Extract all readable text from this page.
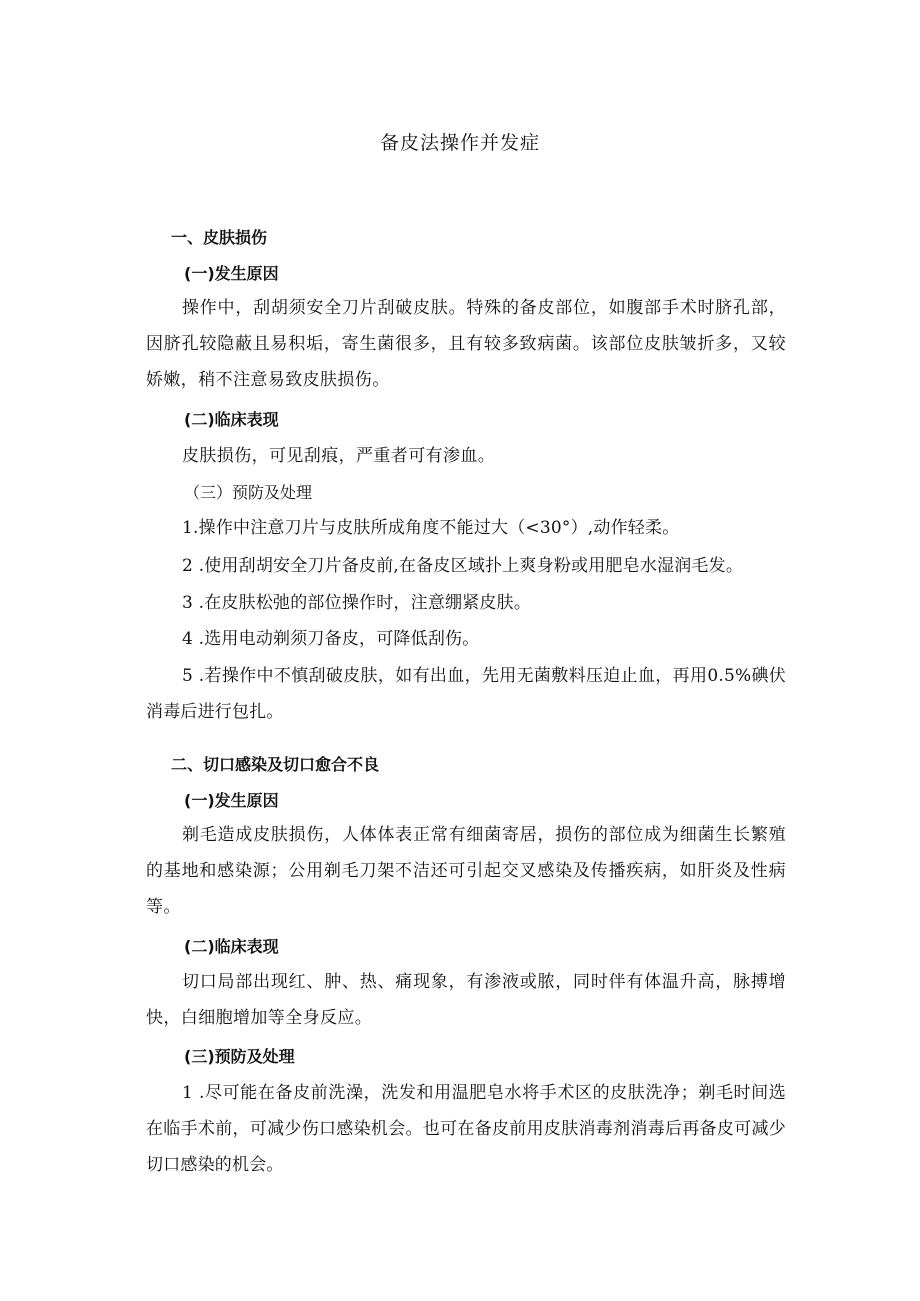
备皮法操作并发症
一、皮肤损伤
(一)发生原因
操作中，刮胡须安全刀片刮破皮肤。特殊的备皮部位，如腹部手术时脐孔部，因脐孔较隐蔽且易积垢，寄生菌很多，且有较多致病菌。该部位皮肤皱折多，又较娇嫩，稍不注意易致皮肤损伤。
(二)临床表现
皮肤损伤，可见刮痕，严重者可有渗血。
（三）预防及处理
1.操作中注意刀片与皮肤所成角度不能过大（<30°）,动作轻柔。
2 .使用刮胡安全刀片备皮前,在备皮区域扑上爽身粉或用肥皂水湿润毛发。
3 .在皮肤松弛的部位操作时，注意绷紧皮肤。
4 .选用电动剃须刀备皮，可降低刮伤。
5 .若操作中不慎刮破皮肤，如有出血，先用无菌敷料压迫止血，再用0.5%碘伏消毒后进行包扎。
二、切口感染及切口愈合不良
(一)发生原因
剃毛造成皮肤损伤，人体体表正常有细菌寄居，损伤的部位成为细菌生长繁殖的基地和感染源；公用剃毛刀架不洁还可引起交叉感染及传播疾病，如肝炎及性病等。
(二)临床表现
切口局部出现红、肿、热、痛现象，有渗液或脓，同时伴有体温升高，脉搏增快，白细胞增加等全身反应。
(三)预防及处理
1 .尽可能在备皮前洗澡，洗发和用温肥皂水将手术区的皮肤洗净；剃毛时间选在临手术前，可减少伤口感染机会。也可在备皮前用皮肤消毒剂消毒后再备皮可减少切口感染的机会。
